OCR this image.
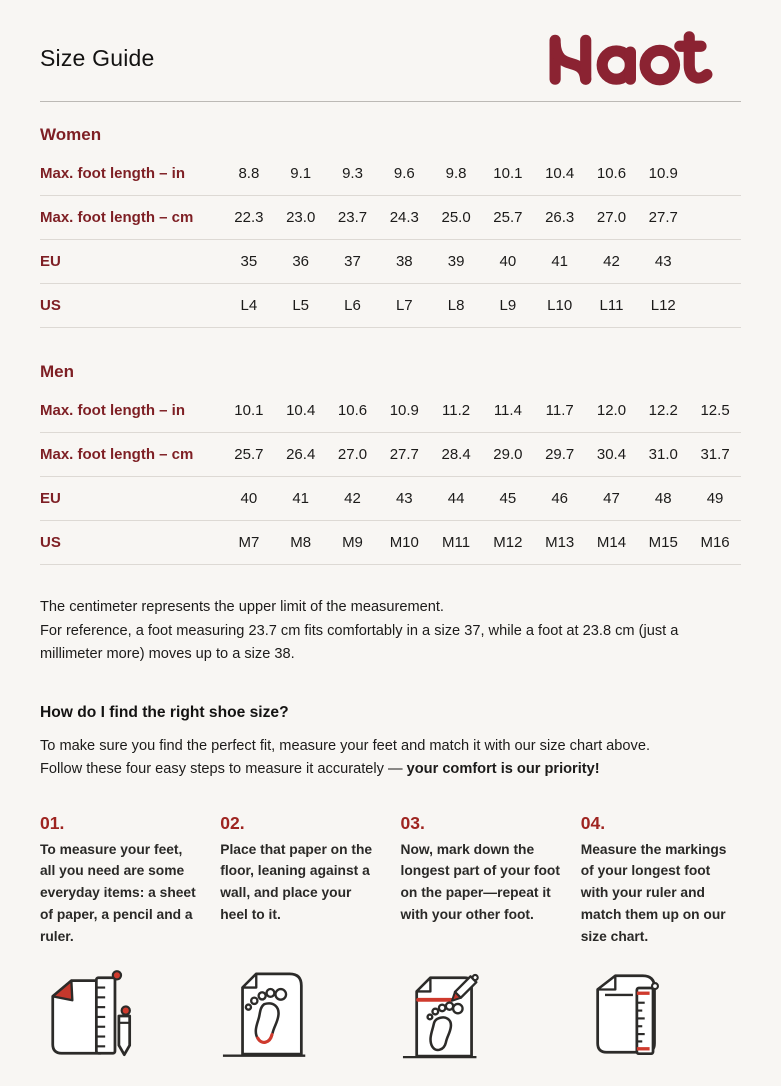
Size Guide
Women
Max. foot length – in	8.8	9.1	9.3	9.6	9.8	10.1	10.4	10.6	10.9
Max. foot length – cm	22.3	23.0	23.7	24.3	25.0	25.7	26.3	27.0	27.7
EU	35	36	37	38	39	40	41	42	43
US	L4	L5	L6	L7	L8	L9	L10	L11	L12
Men
Max. foot length – in	10.1	10.4	10.6	10.9	11.2	11.4	11.7	12.0	12.2	12.5
Max. foot length – cm	25.7	26.4	27.0	27.7	28.4	29.0	29.7	30.4	31.0	31.7
EU	40	41	42	43	44	45	46	47	48	49
US	M7	M8	M9	M10	M11	M12	M13	M14	M15	M16
The centimeter represents the upper limit of the measurement.
For reference, a foot measuring 23.7 cm fits comfortably in a size 37, while a foot at 23.8 cm (just a millimeter more) moves up to a size 38.
How do I find the right shoe size?
To make sure you find the perfect fit, measure your feet and match it with our size chart above. Follow these four easy steps to measure it accurately — your comfort is our priority!
01.
To measure your feet, all you need are some everyday items: a sheet of paper, a pencil and a ruler.
02.
Place that paper on the floor, leaning against a wall, and place your heel to it.
03.
Now, mark down the longest part of your foot on the paper—repeat it with your other foot.
04.
Measure the markings of your longest foot with your ruler and match them up on our size chart.
